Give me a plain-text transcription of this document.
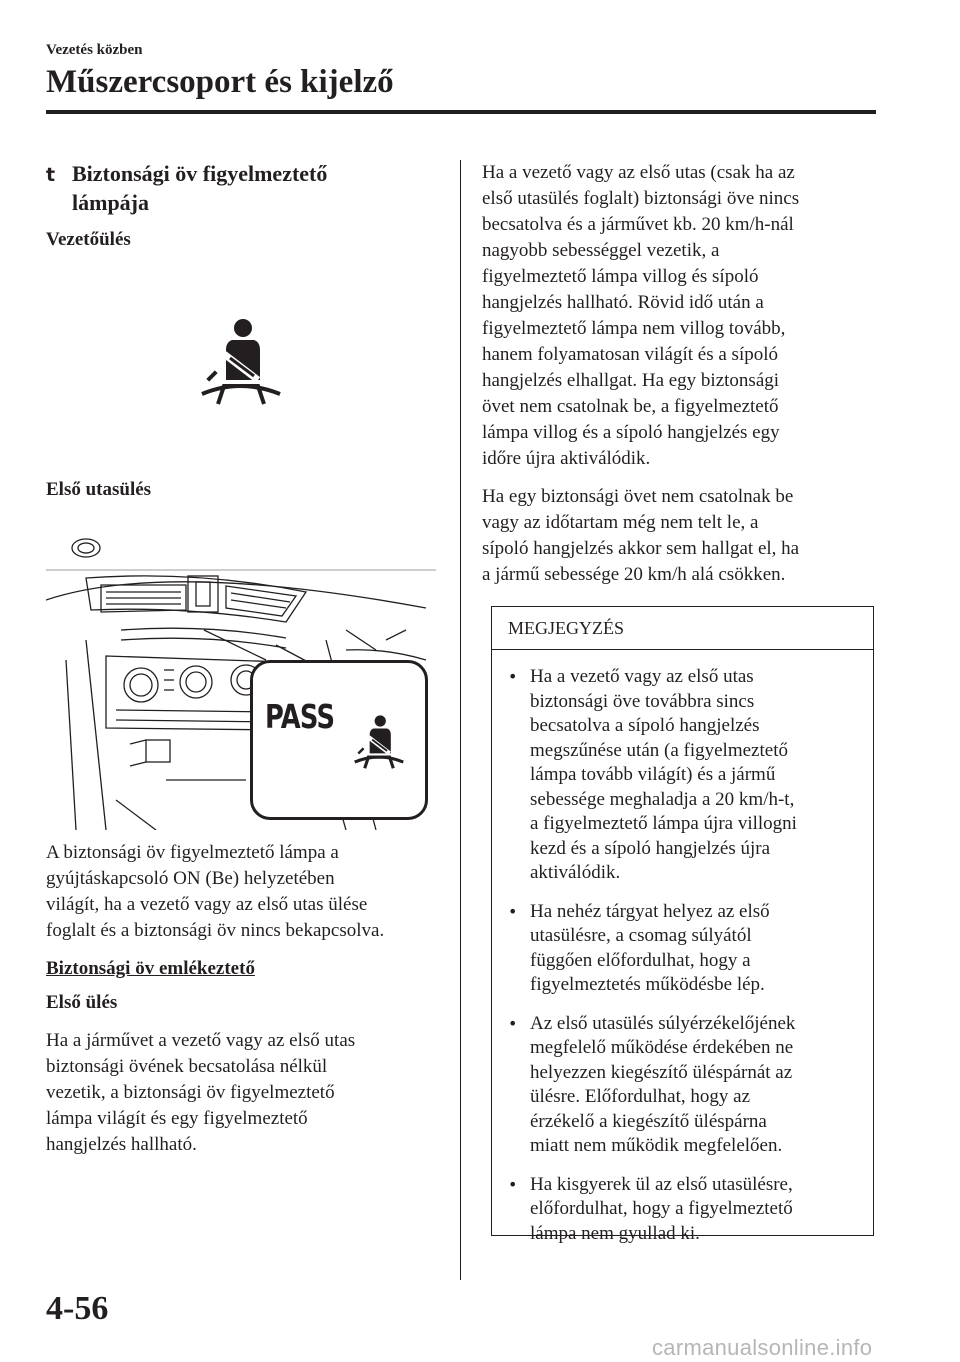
Vezetés közben
Műszercsoport és kijelző
t Biztonsági öv figyelmeztető
lámpája
Vezetőülés
Első utasülés
PASS
A biztonsági öv figyelmeztető lámpa a
gyújtáskapcsoló ON (Be) helyzetében
világít, ha a vezető vagy az első utas ülése
foglalt és a biztonsági öv nincs bekapcsolva.
Biztonsági öv emlékeztető
Első ülés
Ha a járművet a vezető vagy az első utas
biztonsági övének becsatolása nélkül
vezetik, a biztonsági öv figyelmeztető
lámpa világít és egy figyelmeztető
hangjelzés hallható.
Ha a vezető vagy az első utas (csak ha az
első utasülés foglalt) biztonsági öve nincs
becsatolva és a járművet kb. 20 km/h-nál
nagyobb sebességgel vezetik, a
figyelmeztető lámpa villog és sípoló
hangjelzés hallható. Rövid idő után a
figyelmeztető lámpa nem villog tovább,
hanem folyamatosan világít és a sípoló
hangjelzés elhallgat. Ha egy biztonsági
övet nem csatolnak be, a figyelmeztető
lámpa villog és a sípoló hangjelzés egy
időre újra aktiválódik.
Ha egy biztonsági övet nem csatolnak be
vagy az időtartam még nem telt le, a
sípoló hangjelzés akkor sem hallgat el, ha
a jármű sebessége 20 km/h alá csökken.
MEGJEGYZÉS
• Ha a vezető vagy az első utas
biztonsági öve továbbra sincs
becsatolva a sípoló hangjelzés
megszűnése után (a figyelmeztető
lámpa tovább világít) és a jármű
sebessége meghaladja a 20 km/h-t,
a figyelmeztető lámpa újra villogni
kezd és a sípoló hangjelzés újra
aktiválódik.
• Ha nehéz tárgyat helyez az első
utasülésre, a csomag súlyától
függően előfordulhat, hogy a
figyelmeztetés működésbe lép.
• Az első utasülés súlyérzékelőjének
megfelelő működése érdekében ne
helyezzen kiegészítő üléspárnát az
ülésre. Előfordulhat, hogy az
érzékelő a kiegészítő üléspárna
miatt nem működik megfelelően.
• Ha kisgyerek ül az első utasülésre,
előfordulhat, hogy a figyelmeztető
lámpa nem gyullad ki.
4-56
carmanualsonline.info
